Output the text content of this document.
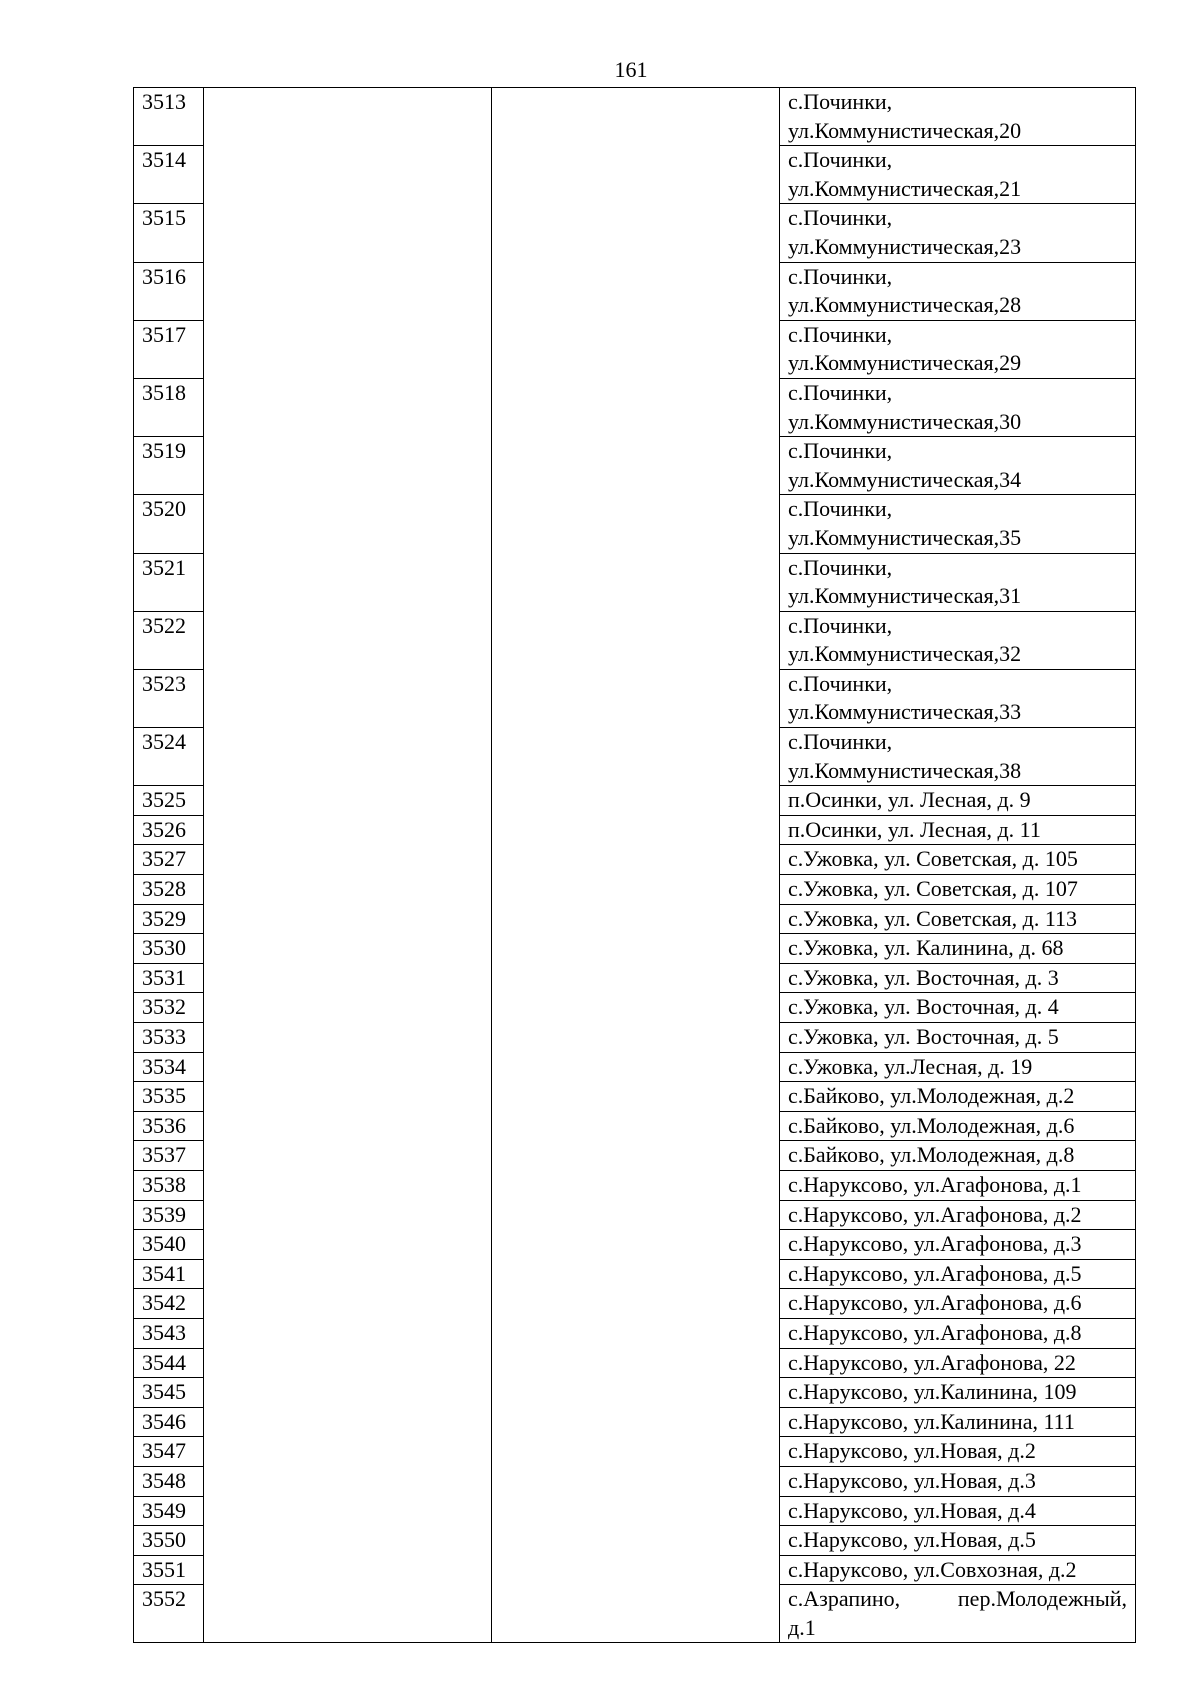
161
3513			с.Починки,
ул.Коммунистическая,20

3514			с.Починки,
ул.Коммунистическая,21

3515			с.Починки,
ул.Коммунистическая,23

3516			с.Починки,
ул.Коммунистическая,28

3517			с.Починки,
ул.Коммунистическая,29

3518			с.Починки,
ул.Коммунистическая,30

3519			с.Починки,
ул.Коммунистическая,34

3520			с.Починки,
ул.Коммунистическая,35

3521			с.Починки,
ул.Коммунистическая,31

3522			с.Починки,
ул.Коммунистическая,32

3523			с.Починки,
ул.Коммунистическая,33

3524			с.Починки,
ул.Коммунистическая,38

3525			п.Осинки, ул. Лесная, д. 9

3526			п.Осинки, ул. Лесная, д. 11

3527			с.Ужовка, ул. Советская, д. 105

3528			с.Ужовка, ул. Советская, д. 107

3529			с.Ужовка, ул. Советская, д. 113

3530			с.Ужовка, ул. Калинина, д. 68

3531			с.Ужовка, ул. Восточная, д. 3

3532			с.Ужовка, ул. Восточная, д. 4

3533			с.Ужовка, ул. Восточная, д. 5

3534			с.Ужовка, ул.Лесная, д. 19

3535			с.Байково, ул.Молодежная, д.2

3536			с.Байково, ул.Молодежная, д.6

3537			с.Байково, ул.Молодежная, д.8

3538			с.Наруксово, ул.Агафонова, д.1

3539			с.Наруксово, ул.Агафонова, д.2

3540			с.Наруксово, ул.Агафонова, д.3

3541			с.Наруксово, ул.Агафонова, д.5

3542			с.Наруксово, ул.Агафонова, д.6

3543			с.Наруксово, ул.Агафонова, д.8

3544			с.Наруксово, ул.Агафонова, 22

3545			с.Наруксово, ул.Калинина, 109

3546			с.Наруксово, ул.Калинина, 111

3547			с.Наруксово, ул.Новая, д.2

3548			с.Наруксово, ул.Новая, д.3

3549			с.Наруксово, ул.Новая, д.4

3550			с.Наруксово, ул.Новая, д.5

3551			с.Наруксово, ул.Совхозная, д.2

3552			с.Азрапино, пер.Молодежный,
д.1
